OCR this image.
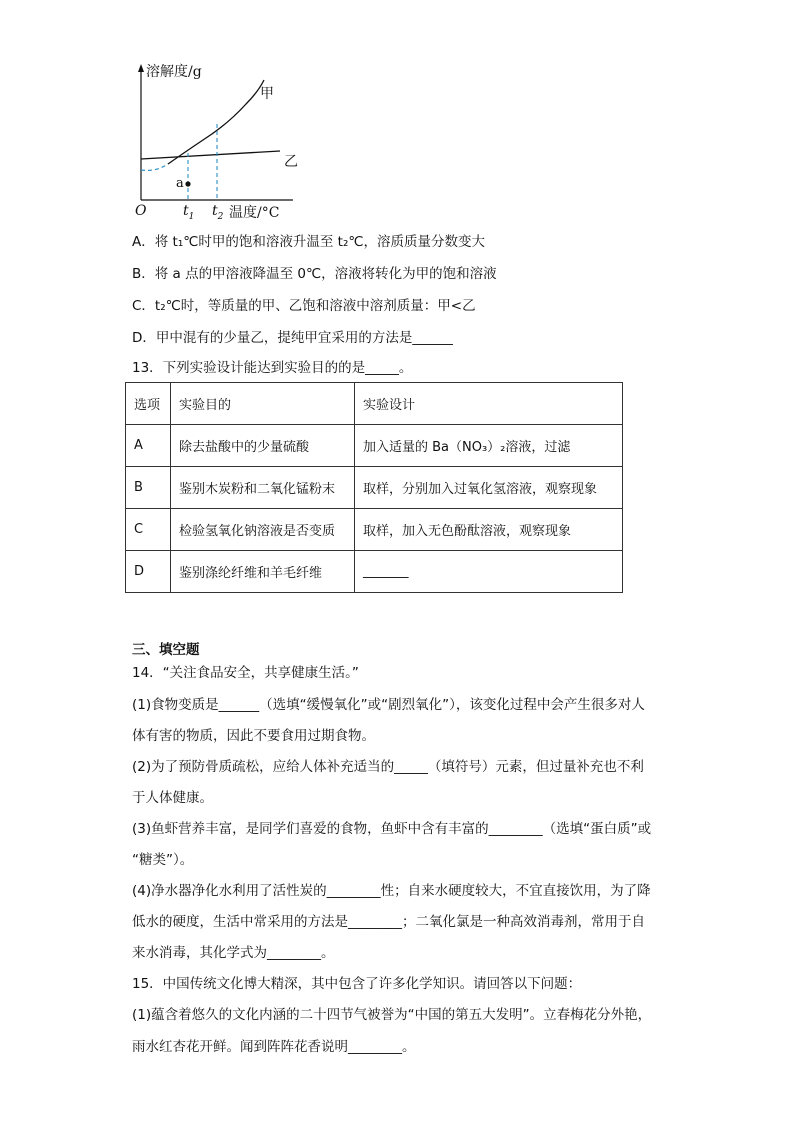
溶解度/g
甲
乙
a
O	$t_1$ $t_2$ 温度/°C
A．将 t₁℃时甲的饱和溶液升温至 t₂℃，溶质质量分数变大
B．将 a 点的甲溶液降温至 0℃，溶液将转化为甲的饱和溶液
C．t₂℃时，等质量的甲、乙饱和溶液中溶剂质量：甲<乙
D．甲中混有的少量乙，提纯甲宜采用的方法是______
13．下列实验设计能达到实验目的的是_____。
选项	实验目的	实验设计
A	除去盐酸中的少量硫酸	加入适量的 Ba（NO₃）₂溶液，过滤
B	鉴别木炭粉和二氧化锰粉末	取样，分别加入过氧化氢溶液，观察现象
C	检验氢氧化钠溶液是否变质	取样，加入无色酚酞溶液，观察现象
D	鉴别涤纶纤维和羊毛纤维	_______
三、填空题
14．“关注食品安全，共享健康生活。”
(1)食物变质是______（选填“缓慢氧化”或“剧烈氧化”），该变化过程中会产生很多对人
体有害的物质，因此不要食用过期食物。
(2)为了预防骨质疏松，应给人体补充适当的_____（填符号）元素，但过量补充也不利
于人体健康。
(3)鱼虾营养丰富，是同学们喜爱的食物，鱼虾中含有丰富的________（选填“蛋白质”或
“糖类”）。
(4)净水器净化水利用了活性炭的________性；自来水硬度较大，不宜直接饮用，为了降
低水的硬度，生活中常采用的方法是________；二氧化氯是一种高效消毒剂，常用于自
来水消毒，其化学式为________。
15．中国传统文化博大精深，其中包含了许多化学知识。请回答以下问题：
(1)蕴含着悠久的文化内涵的二十四节气被誉为“中国的第五大发明”。立春梅花分外艳，
雨水红杏花开鲜。闻到阵阵花香说明________。
